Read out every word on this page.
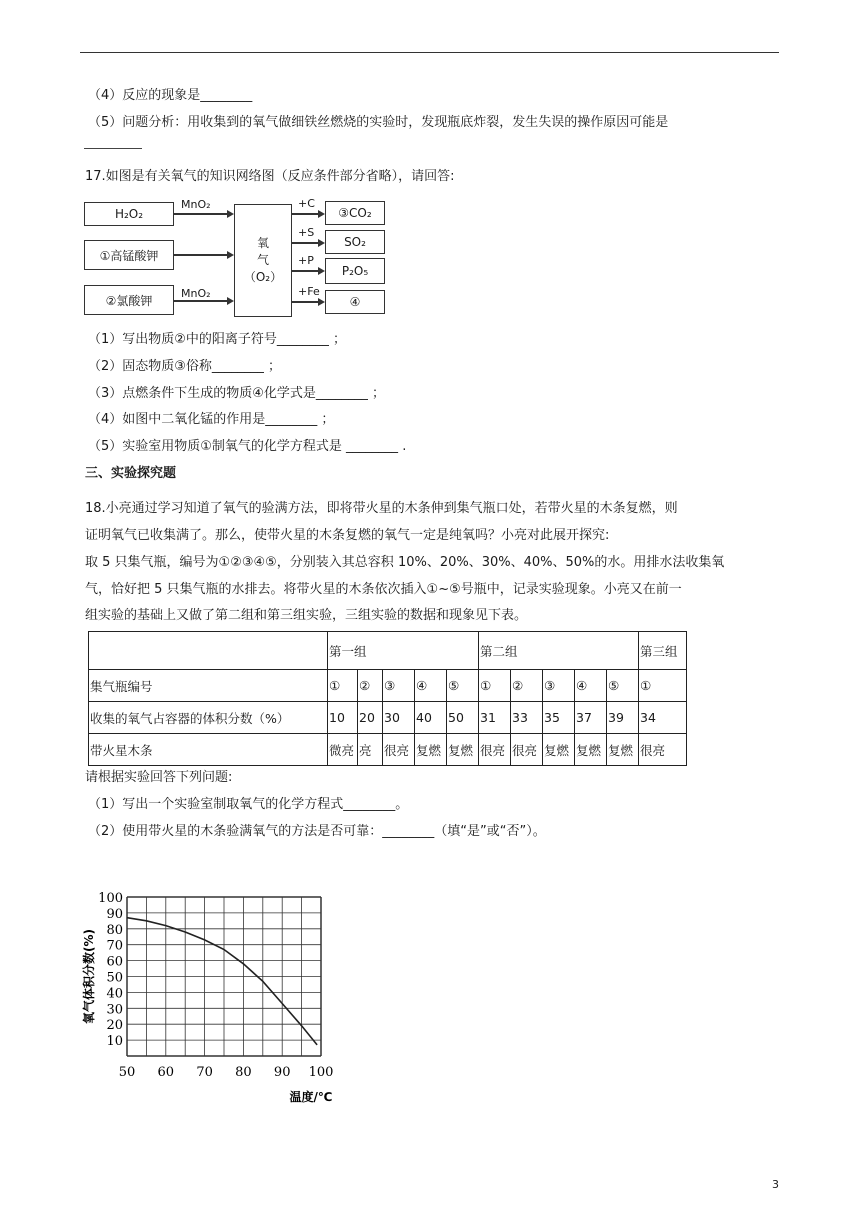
（4）反应的现象是________
（5）问题分析：用收集到的氧气做细铁丝燃烧的实验时，发现瓶底炸裂，发生失误的操作原因可能是
17.如图是有关氧气的知识网络图（反应条件部分省略），请回答:
H₂O₂
①高锰酸钾
②氯酸钾
MnO₂
MnO₂
氧
气
（O₂）
+C
+S
+P
+Fe
③CO₂
SO₂
P₂O₅
④
（1）写出物质②中的阳离子符号________ ；
（2）固态物质③俗称________ ；
（3）点燃条件下生成的物质④化学式是________ ；
（4）如图中二氧化锰的作用是________ ；
（5）实验室用物质①制氧气的化学方程式是 ________ .
三、实验探究题
18.小亮通过学习知道了氧气的验满方法，即将带火星的木条伸到集气瓶口处，若带火星的木条复燃，则
证明氧气已收集满了。那么，使带火星的木条复燃的氧气一定是纯氧吗？小亮对此展开探究:
取 5 只集气瓶，编号为①②③④⑤，分别装入其总容积 10%、20%、30%、40%、50%的水。用排水法收集氧
气，恰好把 5 只集气瓶的水排去。将带火星的木条依次插入①~⑤号瓶中，记录实验现象。小亮又在前一
组实验的基础上又做了第二组和第三组实验，三组实验的数据和现象见下表。
	第一组					第二组					第三组
集气瓶编号	①	②	③	④	⑤	①	②	③	④	⑤	①
收集的氧气占容器的体积分数（%）	10	20	30	40	50	31	33	35	37	39	34
带火星木条	微亮	亮	很亮	复燃	复燃	很亮	很亮	复燃	复燃	复燃	很亮
请根据实验回答下列问题:
（1）写出一个实验室制取氧气的化学方程式________。
（2）使用带火星的木条验满氧气的方法是否可靠：________（填“是”或“否”）。
10
20
30
40
50
60
70
80
90
100
50 60 70 80 90 100
氧气体积分数(%)
温度/℃
3
